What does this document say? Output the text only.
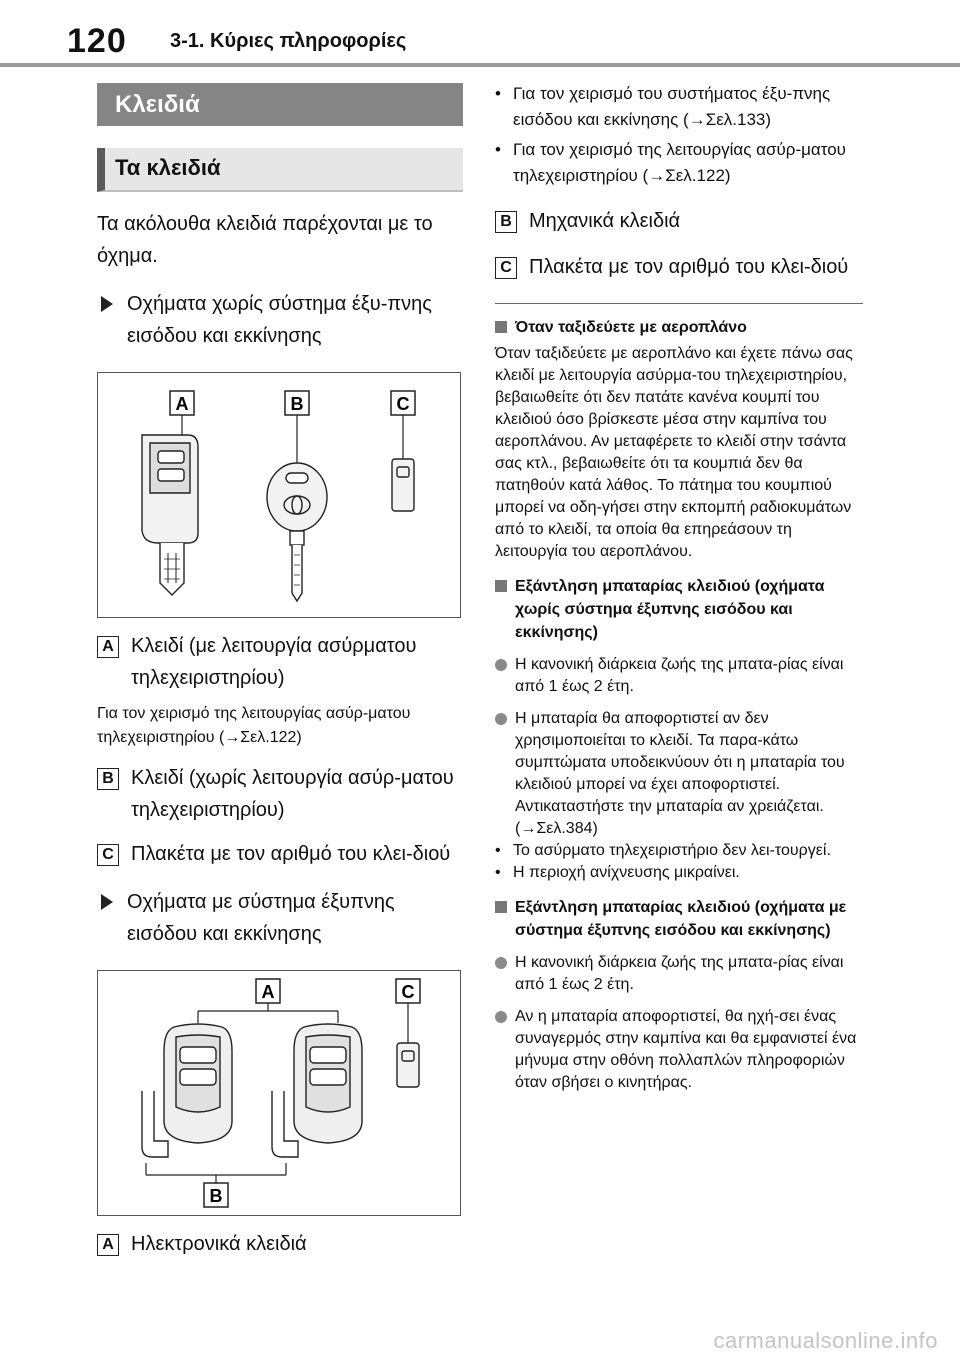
120 3-1. Κύριες πληροφορίες
Κλειδιά
Τα κλειδιά

Τα ακόλουθα κλειδιά παρέχονται με το όχημα.

Οχήματα χωρίς σύστημα έξυ-πνης εισόδου και εκκίνησης
A	B	C
A Κλειδί (με λειτουργία ασύρματου τηλεχειριστηρίου)

Για τον χειρισμό της λειτουργίας ασύρ-ματου τηλεχειριστηρίου (→Σελ.122)

B Κλειδί (χωρίς λειτουργία ασύρ-ματου τηλεχειριστηρίου)
C Πλακέτα με τον αριθμό του κλει-διού
Οχήματα με σύστημα έξυπνης εισόδου και εκκίνησης
A	C
B
A Ηλεκτρονικά κλειδιά
• Για τον χειρισμό του συστήματος έξυ-πνης εισόδου και εκκίνησης (→Σελ.133)
• Για τον χειρισμό της λειτουργίας ασύρ-ματου τηλεχειριστηρίου (→Σελ.122)
B Μηχανικά κλειδιά
C Πλακέτα με τον αριθμό του κλει-διού
Όταν ταξιδεύετε με αεροπλάνο

Όταν ταξιδεύετε με αεροπλάνο και έχετε πάνω σας κλειδί με λειτουργία ασύρμα-του τηλεχειριστηρίου, βεβαιωθείτε ότι δεν πατάτε κανένα κουμπί του κλειδιού όσο βρίσκεστε μέσα στην καμπίνα του αεροπλάνου. Αν μεταφέρετε το κλειδί στην τσάντα σας κτλ., βεβαιωθείτε ότι τα κουμπιά δεν θα πατηθούν κατά λάθος. Το πάτημα του κουμπιού μπορεί να οδη-γήσει στην εκπομπή ραδιοκυμάτων από το κλειδί, τα οποία θα επηρεάσουν τη λειτουργία του αεροπλάνου.

Εξάντληση μπαταρίας κλειδιού (οχήματα χωρίς σύστημα έξυπνης εισόδου και εκκίνησης)
Η κανονική διάρκεια ζωής της μπατα-ρίας είναι από 1 έως 2 έτη.
Η μπαταρία θα αποφορτιστεί αν δεν χρησιμοποιείται το κλειδί. Τα παρα-κάτω συμπτώματα υποδεικνύουν ότι η μπαταρία του κλειδιού μπορεί να έχει αποφορτιστεί. Αντικαταστήστε την μπαταρία αν χρειάζεται. (→Σελ.384)
• Το ασύρματο τηλεχειριστήριο δεν λει-τουργεί.
• Η περιοχή ανίχνευσης μικραίνει.
Εξάντληση μπαταρίας κλειδιού (οχήματα με σύστημα έξυπνης εισόδου και εκκίνησης)
Η κανονική διάρκεια ζωής της μπατα-ρίας είναι από 1 έως 2 έτη.
Αν η μπαταρία αποφορτιστεί, θα ηχή-σει ένας συναγερμός στην καμπίνα και θα εμφανιστεί ένα μήνυμα στην οθόνη πολλαπλών πληροφοριών όταν σβήσει ο κινητήρας.
carmanualsonline.info
